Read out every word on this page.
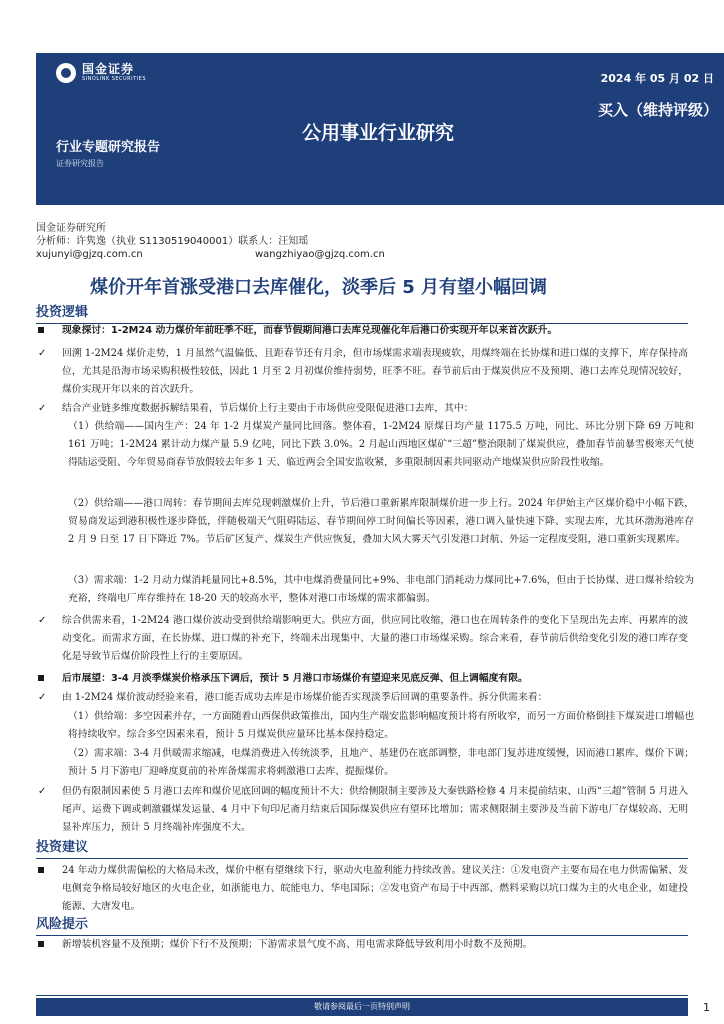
国金证券
SINOLINK SECURITIES	2024 年 05 月 02 日
买入（维持评级）
公用事业行业研究
行业专题研究报告
证券研究报告
国金证券研究所
分析师：许隽逸（执业 S1130519040001）联系人：汪知瑶
xujunyi@gjzq.com.cn	wangzhiyao@gjzq.com.cn
煤价开年首涨受港口去库催化，淡季后 5 月有望小幅回调
投资逻辑
现象探讨：1-2M24 动力煤价年前旺季不旺，而春节假期间港口去库兑现催化年后港口价实现开年以来首次跃升。
✓ 回溯 1-2M24 煤价走势，1 月虽然气温偏低、且距春节还有月余，但市场煤需求端表现疲软，用煤终端在长协煤和进口煤的支撑下，库存保持高位，尤其是沿海市场采购积极性较低，因此 1 月至 2 月初煤价维持弱势，旺季不旺。春节前后由于煤炭供应不及预期、港口去库兑现情况较好，煤价实现开年以来的首次跃升。
✓ 结合产业链多维度数据拆解结果看，节后煤价上行主要由于市场供应受限促进港口去库，其中：
（1）供给端——国内生产：24 年 1-2 月煤炭产量同比回落。整体看，1-2M24 原煤日均产量 1175.5 万吨，同比、环比分别下降 69 万吨和 161 万吨；1-2M24 累计动力煤产量 5.9 亿吨，同比下跌 3.0%。2 月起山西地区煤矿“三超”整治限制了煤炭供应，叠加春节前暴雪极寒天气使得陆运受阻、今年贸易商春节放假较去年多 1 天、临近两会全国安监收紧，多重限制因素共同驱动产地煤炭供应阶段性收缩。
（2）供给端——港口周转：春节期间去库兑现刺激煤价上升，节后港口重新累库限制煤价进一步上行。2024 年伊始主产区煤价稳中小幅下跌，贸易商发运到港积极性逐步降低，伴随极端天气阻碍陆运、春节期间停工时间偏长等因素，港口调入量快速下降、实现去库，尤其环渤海港库存 2 月 9 日至 17 日下降近 7%。节后矿区复产、煤炭生产供应恢复，叠加大风大雾天气引发港口封航、外运一定程度受阻，港口重新实现累库。
（3）需求端：1-2 月动力煤消耗量同比+8.5%，其中电煤消费量同比+9%、非电部门消耗动力煤同比+7.6%，但由于长协煤、进口煤补给较为充裕，终端电厂库存维持在 18-20 天的较高水平，整体对港口市场煤的需求都偏弱。
✓ 综合供需来看，1-2M24 港口煤价波动受到供给端影响更大。供应方面，供应同比收缩，港口也在周转条件的变化下呈现出先去库、再累库的波动变化。而需求方面，在长协煤、进口煤的补充下，终端未出现集中、大量的港口市场煤采购。综合来看，春节前后供给变化引发的港口库存变化是导致节后煤价阶段性上行的主要原因。
后市展望：3-4 月淡季煤炭价格承压下调后，预计 5 月港口市场煤价有望迎来见底反弹、但上调幅度有限。
✓ 由 1-2M24 煤价波动经验来看，港口能否成功去库是市场煤价能否实现淡季后回调的重要条件。拆分供需来看：
（1）供给端：多空因素并存，一方面随着山西保供政策推出，国内生产端安监影响幅度预计将有所收窄，而另一方面价格倒挂下煤炭进口增幅也将持续收窄。综合多空因素来看，预计 5 月煤炭供应量环比基本保持稳定。
（2）需求端：3-4 月供暖需求缩减，电煤消费进入传统淡季，且地产、基建仍在底部调整，非电部门复苏进度缓慢，因而港口累库、煤价下调；预计 5 月下游电厂迎峰度夏前的补库备煤需求将刺激港口去库、提振煤价。
✓ 但仍有限制因素使 5 月港口去库和煤价见底回调的幅度预计不大：供给侧限制主要涉及大秦铁路检修 4 月末提前结束、山西“三超”管制 5 月进入尾声、运费下调或刺激疆煤发运量、4 月中下旬印尼斋月结束后国际煤炭供应有望环比增加；需求侧限制主要涉及当前下游电厂存煤较高、无明显补库压力，预计 5 月终端补库强度不大。
投资建议
24 年动力煤供需偏松的大格局未改，煤价中枢有望继续下行，驱动火电盈利能力持续改善。建议关注：①发电资产主要布局在电力供需偏紧、发电侧竞争格局较好地区的火电企业，如浙能电力、皖能电力、华电国际；②发电资产布局于中西部、燃料采购以坑口煤为主的火电企业，如建投能源、大唐发电。
风险提示
新增装机容量不及预期；煤价下行不及预期；下游需求景气度不高、用电需求降低导致利用小时数不及预期。
敬请参阅最后一页特别声明	1
